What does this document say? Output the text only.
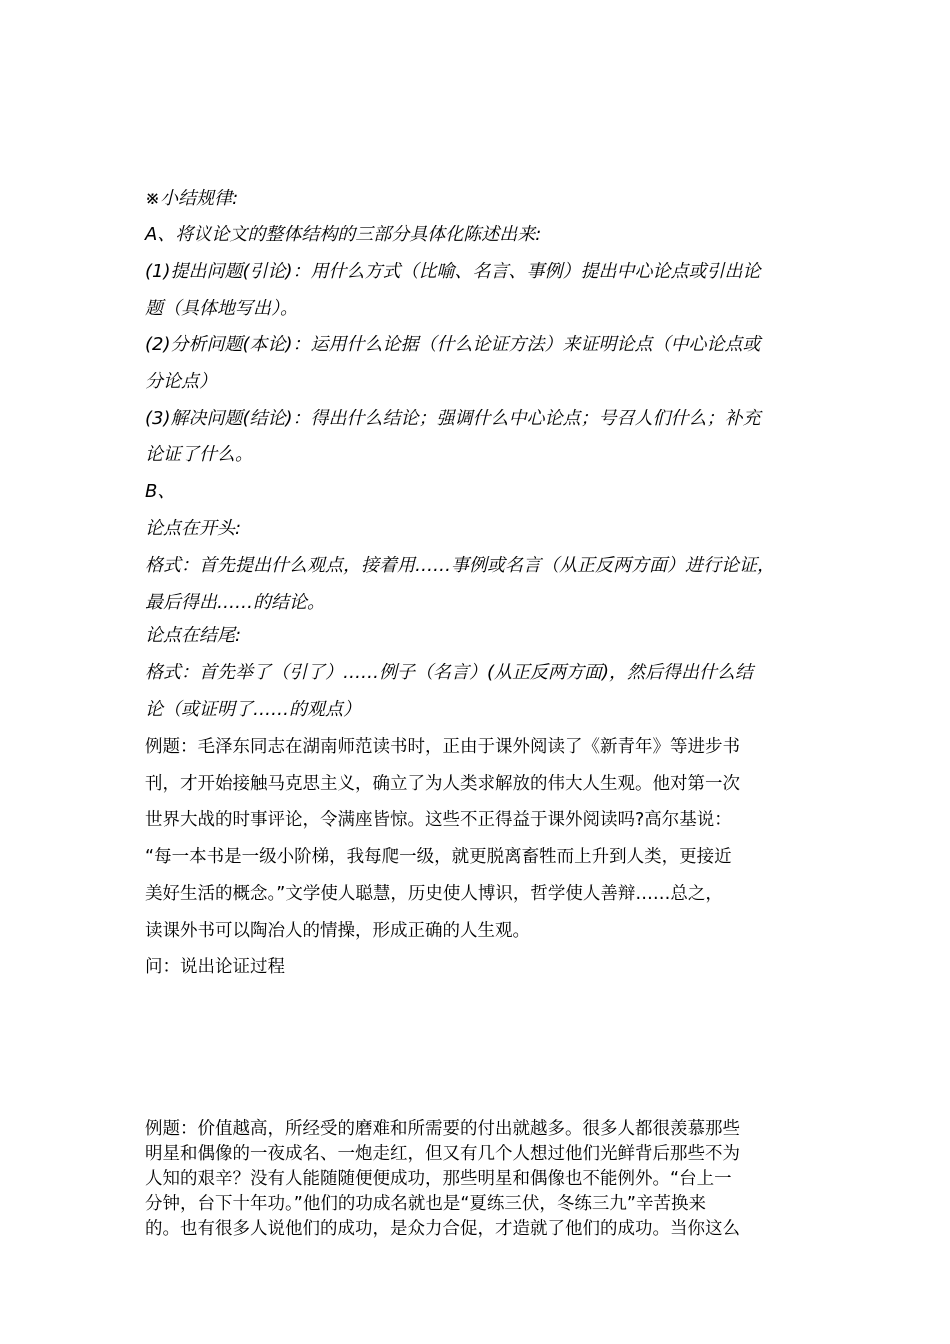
※小结规律:
A、将议论文的整体结构的三部分具体化陈述出来:
(1)提出问题(引论)：用什么方式（比喻、名言、事例）提出中心论点或引出论
题（具体地写出）。
(2)分析问题(本论)：运用什么论据（什么论证方法）来证明论点（中心论点或
分论点）
(3)解决问题(结论)：得出什么结论；强调什么中心论点；号召人们什么；补充
论证了什么。
B、
论点在开头:
格式：首先提出什么观点，接着用……事例或名言（从正反两方面）进行论证，
最后得出……的结论。
论点在结尾:
格式：首先举了（引了）……例子（名言）(从正反两方面)，然后得出什么结
论（或证明了……的观点）
例题：毛泽东同志在湖南师范读书时，正由于课外阅读了《新青年》等进步书
刊，才开始接触马克思主义，确立了为人类求解放的伟大人生观。他对第一次
世界大战的时事评论，令满座皆惊。这些不正得益于课外阅读吗?高尔基说：
“每一本书是一级小阶梯，我每爬一级，就更脱离畜牲而上升到人类，更接近
美好生活的概念。”文学使人聪慧，历史使人博识，哲学使人善辩……总之，
读课外书可以陶冶人的情操，形成正确的人生观。
问：说出论证过程
例题：价值越高，所经受的磨难和所需要的付出就越多。很多人都很羡慕那些
明星和偶像的一夜成名、一炮走红，但又有几个人想过他们光鲜背后那些不为
人知的艰辛？没有人能随随便便成功，那些明星和偶像也不能例外。“台上一
分钟，台下十年功。”他们的功成名就也是“夏练三伏，冬练三九”辛苦换来
的。也有很多人说他们的成功，是众力合促，才造就了他们的成功。当你这么
